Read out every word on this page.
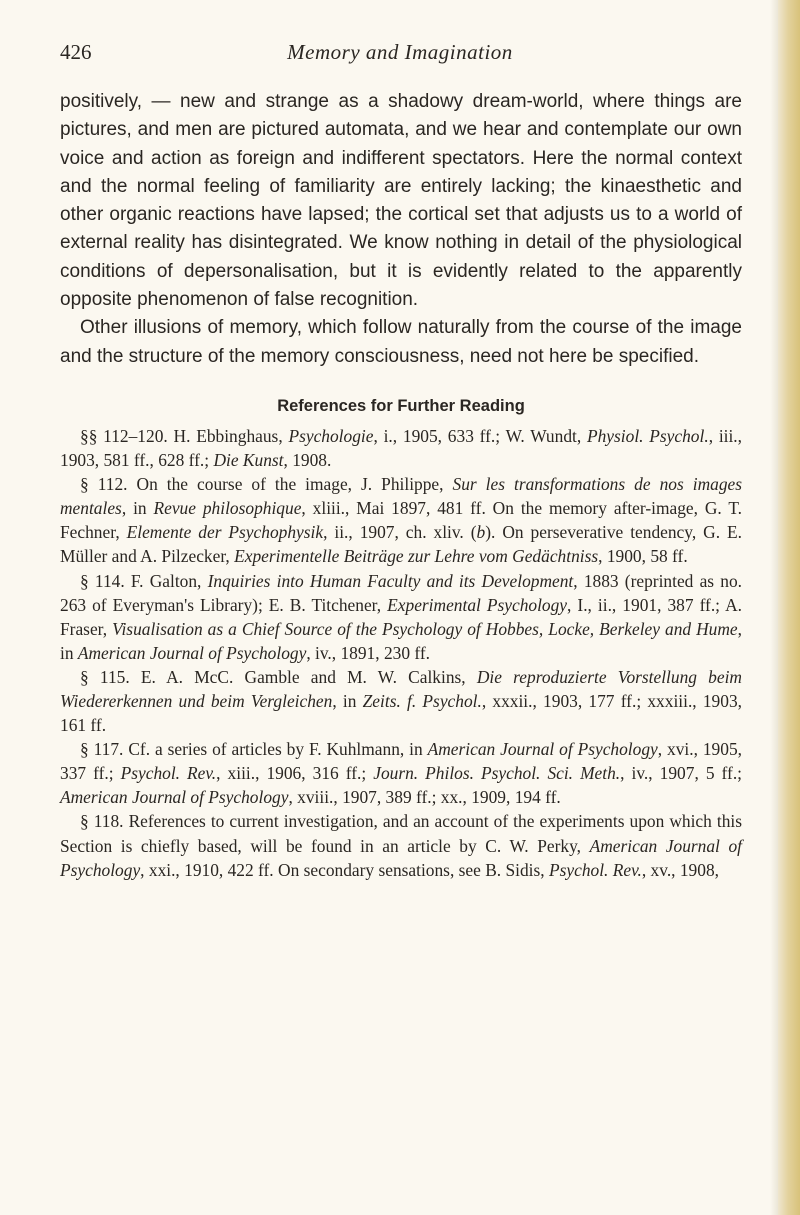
426	Memory and Imagination

positively, — new and strange as a shadowy dream-world, where things are pictures, and men are pictured automata, and we hear and contemplate our own voice and action as foreign and indifferent spectators. Here the normal context and the normal feeling of familiarity are entirely lacking; the kinaesthetic and other organic reactions have lapsed; the cortical set that adjusts us to a world of external reality has disintegrated. We know nothing in detail of the physiological conditions of depersonalisation, but it is evidently related to the apparently opposite phenomenon of false recognition.

Other illusions of memory, which follow naturally from the course of the image and the structure of the memory consciousness, need not here be specified.

References for Further Reading

§§ 112–120. H. Ebbinghaus, Psychologie, i., 1905, 633 ff.; W. Wundt, Physiol. Psychol., iii., 1903, 581 ff., 628 ff.; Die Kunst, 1908.

§ 112. On the course of the image, J. Philippe, Sur les transformations de nos images mentales, in Revue philosophique, xliii., Mai 1897, 481 ff. On the memory after-image, G. T. Fechner, Elemente der Psychophysik, ii., 1907, ch. xliv. (b). On perseverative tendency, G. E. Müller and A. Pilzecker, Experimentelle Beiträge zur Lehre vom Gedächtniss, 1900, 58 ff.

§ 114. F. Galton, Inquiries into Human Faculty and its Development, 1883 (reprinted as no. 263 of Everyman's Library); E. B. Titchener, Experimental Psychology, I., ii., 1901, 387 ff.; A. Fraser, Visualisation as a Chief Source of the Psychology of Hobbes, Locke, Berkeley and Hume, in American Journal of Psychology, iv., 1891, 230 ff.

§ 115. E. A. McC. Gamble and M. W. Calkins, Die reproduzierte Vorstellung beim Wiedererkennen und beim Vergleichen, in Zeits. f. Psychol., xxxii., 1903, 177 ff.; xxxiii., 1903, 161 ff.

§ 117. Cf. a series of articles by F. Kuhlmann, in American Journal of Psychology, xvi., 1905, 337 ff.; Psychol. Rev., xiii., 1906, 316 ff.; Journ. Philos. Psychol. Sci. Meth., iv., 1907, 5 ff.; American Journal of Psychology, xviii., 1907, 389 ff.; xx., 1909, 194 ff.

§ 118. References to current investigation, and an account of the experiments upon which this Section is chiefly based, will be found in an article by C. W. Perky, American Journal of Psychology, xxi., 1910, 422 ff. On secondary sensations, see B. Sidis, Psychol. Rev., xv., 1908,
